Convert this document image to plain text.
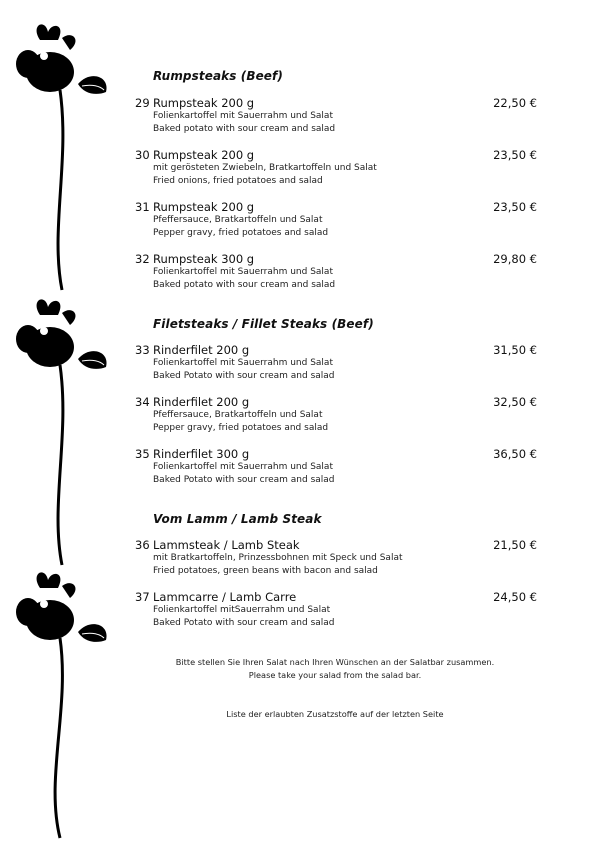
Rumpsteaks (Beef)
29 Rumpsteak 200 g	22,50 €
Folienkartoffel mit Sauerrahm und Salat
Baked potato with sour cream and salad
30 Rumpsteak 200 g	23,50 €
mit gerösteten Zwiebeln, Bratkartoffeln und Salat
Fried onions, fried potatoes and salad
31 Rumpsteak 200 g	23,50 €
Pfeffersauce, Bratkartoffeln und Salat
Pepper gravy, fried potatoes and salad
32 Rumpsteak 300 g	29,80 €
Folienkartoffel mit Sauerrahm und Salat
Baked potato with sour cream and salad
Filetsteaks / Fillet Steaks (Beef)
33 Rinderfilet 200 g	31,50 €
Folienkartoffel mit Sauerrahm und Salat
Baked Potato with sour cream and salad
34 Rinderfilet 200 g	32,50 €
Pfeffersauce, Bratkartoffeln und Salat
Pepper gravy, fried potatoes and salad
35 Rinderfilet 300 g	36,50 €
Folienkartoffel mit Sauerrahm und Salat
Baked Potato with sour cream and salad
Vom Lamm / Lamb Steak
36 Lammsteak / Lamb Steak	21,50 €
mit Bratkartoffeln, Prinzessbohnen mit Speck und Salat
Fried potatoes, green beans with bacon and salad
37 Lammcarre / Lamb Carre	24,50 €
Folienkartoffel mitSauerrahm und Salat
Baked Potato with sour cream and salad
Bitte stellen Sie Ihren Salat nach Ihren Wünschen an der Salatbar zusammen.
Please take your salad from the salad bar.
Liste der erlaubten Zusatzstoffe auf der letzten Seite
